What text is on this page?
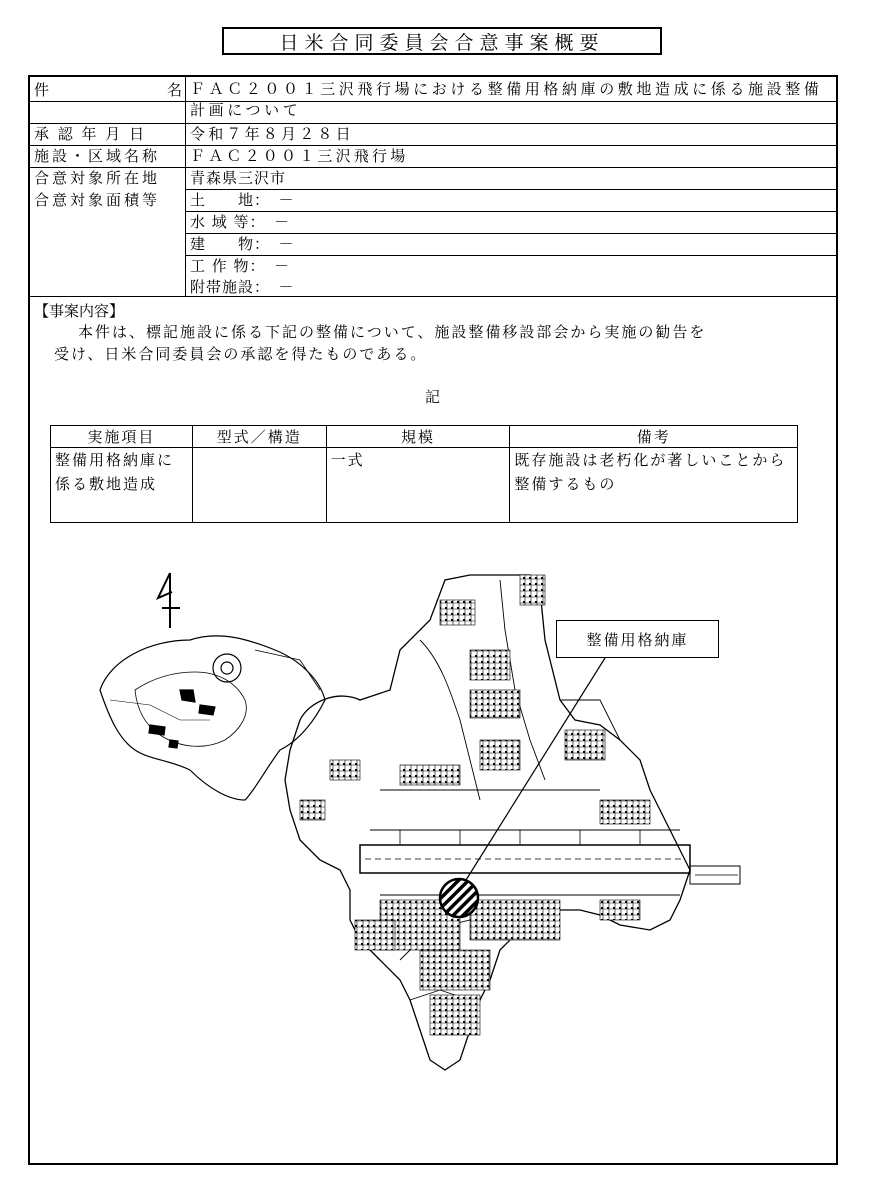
日米合同委員会合意事案概要
件	名 ＦＡＣ２００１三沢飛行場における整備用格納庫の敷地造成に係る施設整備計画について
承 認 年 月 日	令和７年８月２８日
施設・区域名称 ＦＡＣ２００１三沢飛行場
合意対象所在地 青森県三沢市
合意対象面積等 土　　地：　－
水 域 等：　－
建　　物：　－
工 作 物：　－
附帯施設：　－
【事案内容】
本件は、標記施設に係る下記の整備について、施設整備移設部会から実施の勧告を
受け、日米合同委員会の承認を得たものである。
記
実施項目	型式／構造	規模	備考
整備用格納庫に係る敷地造成		一式	既存施設は老朽化が著しいことから整備するもの
整備用格納庫
